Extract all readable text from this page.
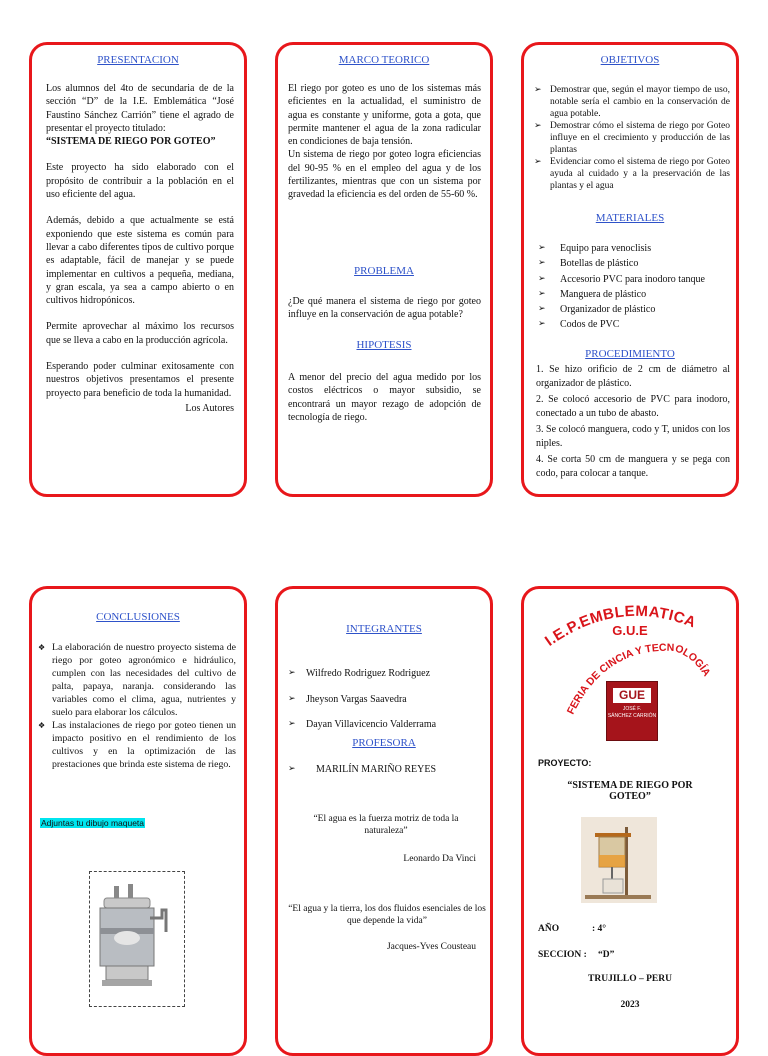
PRESENTACION

Los alumnos del 4to de secundaria de de la sección “D” de la I.E. Emblemática “José Faustino Sánchez Carrión” tiene el agrado de presentar el proyecto titulado:

“SISTEMA DE RIEGO POR GOTEO”

Este proyecto ha sido elaborado con el propósito de contribuir a la población en el uso eficiente del agua.

Además, debido a que actualmente se está exponiendo que este sistema es común para llevar a cabo diferentes tipos de cultivo porque es adaptable, fácil de manejar y se puede implementar en cultivos a pequeña, mediana, y gran escala, ya sea a campo abierto o en cultivos hidropónicos.

Permite aprovechar al máximo los recursos que se lleva a cabo en la producción agrícola.

Esperando poder culminar exitosamente con nuestros objetivos presentamos el presente proyecto para beneficio de toda la humanidad.

Los Autores

MARCO TEORICO

El riego por goteo es uno de los sistemas más eficientes en la actualidad, el suministro de agua es constante y uniforme, gota a gota, que permite mantener el agua de la zona radicular en condiciones de baja tensión.

Un sistema de riego por goteo logra eficiencias del 90-95 % en el empleo del agua y de los fertilizantes, mientras que con un sistema por gravedad la eficiencia es del orden de 55-60 %.

PROBLEMA

¿De qué manera el sistema de riego por goteo influye en la conservación de agua potable?

HIPOTESIS

A menor del precio del agua medido por los costos eléctricos o mayor subsidio, se encontrará un mayor rezago de adopción de tecnología de riego.

OBJETIVOS
➢ Demostrar que, según el mayor tiempo de uso, notable sería el cambio en la conservación de agua potable.
➢ Demostrar cómo el sistema de riego por Goteo influye en el crecimiento y producción de las plantas
➢ Evidenciar como el sistema de riego por Goteo ayuda al cuidado y a la preservación de las plantas y el agua
MATERIALES
➢ Equipo para venoclisis
➢ Botellas de plástico
➢ Accesorio PVC para inodoro tanque
➢ Manguera de plástico
➢ Organizador de plástico
➢ Codos de PVC
PROCEDIMIENTO
1. Se hizo orificio de 2 cm de diámetro al organizador de plástico.
2. Se colocó accesorio de PVC para inodoro, conectado a un tubo de abasto.
3. Se colocó manguera, codo y T, unidos con los niples.
4. Se corta 50 cm de manguera y se pega con codo, para colocar a tanque.
CONCLUSIONES
❖ La elaboración de nuestro proyecto sistema de riego por goteo agronómico e hidráulico, cumplen con las necesidades del cultivo de palta, papaya, naranja. considerando las variables como el clima, agua, nutrientes y suelo para elaborar los cálculos.
❖ Las instalaciones de riego por goteo tienen un impacto positivo en el rendimiento de los cultivos y en la optimización de las prestaciones que brinda este sistema de riego.
Adjuntas tu dibujo maqueta
INTEGRANTES
➢ Wilfredo Rodriguez Rodriguez
➢ Jheyson Vargas Saavedra
➢ Dayan Villavicencio Valderrama
PROFESORA
➢ MARILÍN MARIÑO REYES
“El agua es la fuerza motriz de toda la naturaleza”
Leonardo Da Vinci
“El agua y la tierra, los dos fluidos esenciales de los que depende la vida”
Jacques-Yves Cousteau
I.E.P.EMBLEMATICA
G.U.E
FERIA DE CINCIA Y TECNOLOGÍA
GUE
JOSÉ F.
SÁNCHEZ CARRIÓN
PROYECTO:
“SISTEMA DE RIEGO POR GOTEO”
AÑO	: 4°
SECCION : “D”
TRUJILLO – PERU
2023
